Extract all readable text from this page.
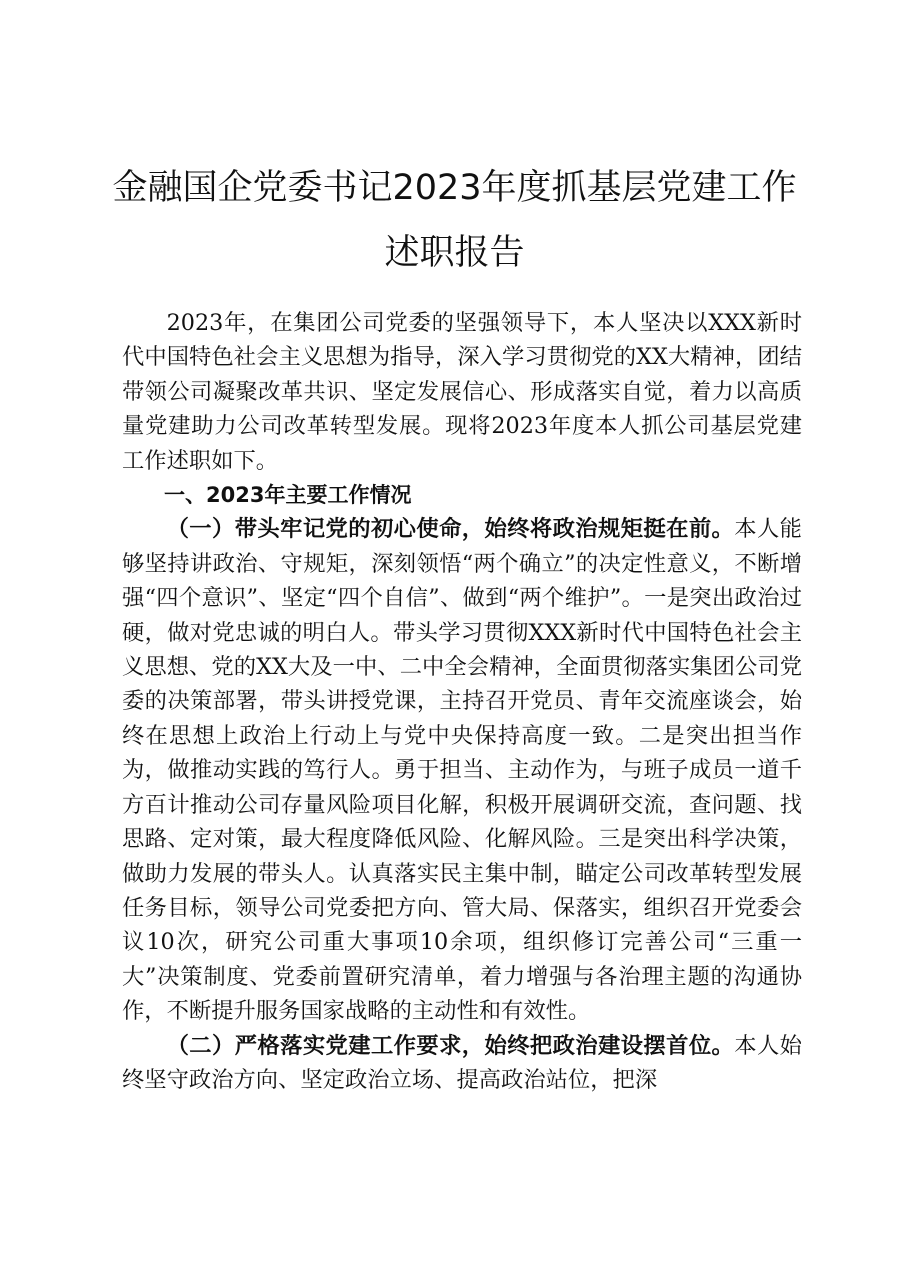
金融国企党委书记2023年度抓基层党建工作
述职报告

2023年，在集团公司党委的坚强领导下，本人坚决以XXX新时代中国特色社会主义思想为指导，深入学习贯彻党的XX大精神，团结带领公司凝聚改革共识、坚定发展信心、形成落实自觉，着力以高质量党建助力公司改革转型发展。现将2023年度本人抓公司基层党建工作述职如下。

一、2023年主要工作情况

（一）带头牢记党的初心使命，始终将政治规矩挺在前。本人能够坚持讲政治、守规矩，深刻领悟“两个确立”的决定性意义，不断增强“四个意识”、坚定“四个自信”、做到“两个维护”。一是突出政治过硬，做对党忠诚的明白人。带头学习贯彻XXX新时代中国特色社会主义思想、党的XX大及一中、二中全会精神，全面贯彻落实集团公司党委的决策部署，带头讲授党课，主持召开党员、青年交流座谈会，始终在思想上政治上行动上与党中央保持高度一致。二是突出担当作为，做推动实践的笃行人。勇于担当、主动作为，与班子成员一道千方百计推动公司存量风险项目化解，积极开展调研交流，查问题、找思路、定对策，最大程度降低风险、化解风险。三是突出科学决策，做助力发展的带头人。认真落实民主集中制，瞄定公司改革转型发展任务目标，领导公司党委把方向、管大局、保落实，组织召开党委会议10次，研究公司重大事项10余项，组织修订完善公司“三重一大”决策制度、党委前置研究清单，着力增强与各治理主题的沟通协作，不断提升服务国家战略的主动性和有效性。

（二）严格落实党建工作要求，始终把政治建设摆首位。本人始终坚守政治方向、坚定政治立场、提高政治站位，把深
